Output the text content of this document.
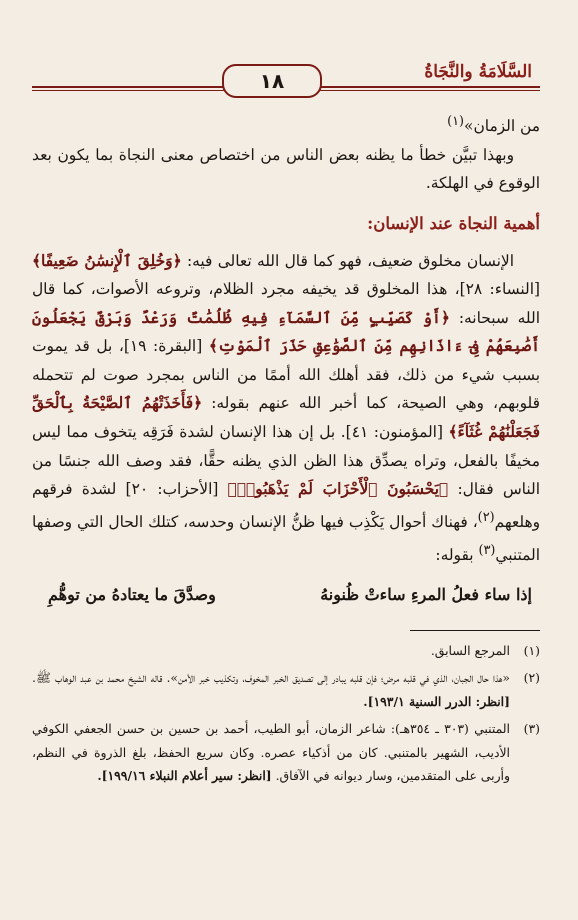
السَّلَامَةُ والنَّجَاةُ
١٨

من الزمان»$^{(١)}$

وبهذا تبيَّن خطأ ما يظنه بعض الناس من اختصاص معنى النجاة بما يكون بعد الوقوع في الهلكة.

أهمية النجاة عند الإنسان:

الإنسان مخلوق ضعيف، فهو كما قال الله تعالى فيه: ﴿وَخُلِقَ ٱلْإِنسَٰنُ ضَعِيفًا﴾ [النساء: ٢٨]، هذا المخلوق قد يخيفه مجرد الظلام، وتروعه الأصوات، كما قال الله سبحانه: ﴿أَوْ كَصَيِّبٍ مِّنَ ٱلسَّمَآءِ فِيهِ ظُلُمَٰتٌ وَرَعْدٌ وَبَرْقٌ يَجْعَلُونَ أَصَٰبِعَهُمْ فِىٓ ءَاذَانِهِم مِّنَ ٱلصَّوَٰعِقِ حَذَرَ ٱلْمَوْتِ﴾ [البقرة: ١٩]، بل قد يموت بسبب شيء من ذلك، فقد أهلك الله أممًا من الناس بمجرد صوت لم تتحمله قلوبهم، وهي الصيحة، كما أخبر الله عنهم بقوله: ﴿فَأَخَذَتْهُمُ ٱلصَّيْحَةُ بِٱلْحَقِّ فَجَعَلْنَٰهُمْ غُثَآءً﴾ [المؤمنون: ٤١]. بل إن هذا الإنسان لشدة فَرَقِه يتخوف مما ليس مخيفًا بالفعل، وتراه يصدِّق هذا الظن الذي يظنه حقًّا، فقد وصف الله جنسًا من الناس فقال: ﴿يَحْسَبُونَ ٱلْأَحْزَابَ لَمْ يَذْهَبُوا۟﴾ [الأحزاب: ٢٠] لشدة فرقهم وهلعهم$^{(٢)}$، فهناك أحوال يَكْذِب فيها ظنُّ الإنسان وحدسه، كتلك الحال التي وصفها المتنبي$^{(٣)}$ بقوله:

إذا ساء فعلُ المرءِ ساءتْ ظُنونهُ
وصدَّقَ ما يعتادهُ من توهُّمِ
(١)
المرجع السابق.
(٢)
«هذا حال الجبان، الذي في قلبه مرض؛ فإن قلبه يبادر إلى تصديق الخبر المخوف، وتكذيب خبر الأمن». قاله الشيخ محمد بن عبد الوهاب ﷺ. [انظر: الدرر السنية ١٩٣/١].
(٣)
المتنبي (٣٠٣ ـ ٣٥٤هـ): شاعر الزمان، أبو الطيب، أحمد بن حسين بن حسن الجعفي الكوفي الأديب، الشهير بالمتنبي. كان من أذكياء عصره. وكان سريع الحفظ، بلغ الذروة في النظم، وأربى على المتقدمين، وسار ديوانه في الآفاق. [انظر: سير أعلام النبلاء ١٩٩/١٦].
